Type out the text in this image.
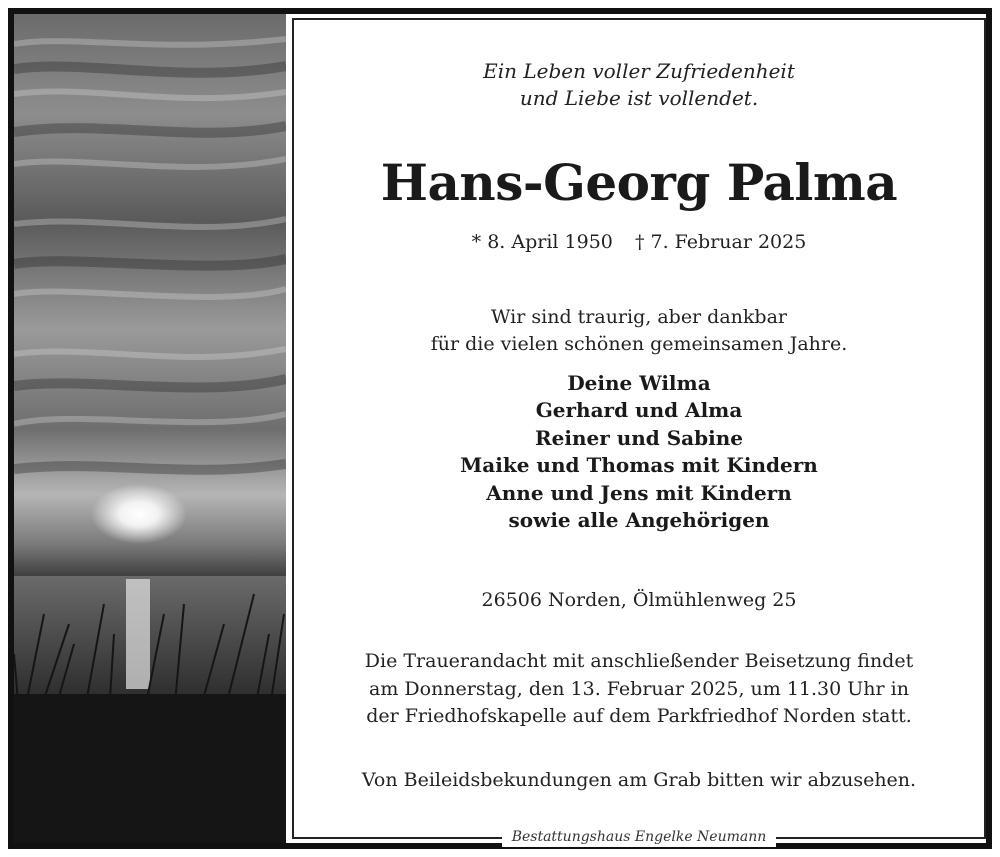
Ein Leben voller Zufriedenheit
und Liebe ist vollendet.
Hans-Georg Palma
* 8. April 1950 † 7. Februar 2025
Wir sind traurig, aber dankbar
für die vielen schönen gemeinsamen Jahre.
Deine Wilma
Gerhard und Alma
Reiner und Sabine
Maike und Thomas mit Kindern
Anne und Jens mit Kindern
sowie alle Angehörigen
26506 Norden, Ölmühlenweg 25
Die Trauerandacht mit anschließender Beisetzung findet
am Donnerstag, den 13. Februar 2025, um 11.30 Uhr in
der Friedhofskapelle auf dem Parkfriedhof Norden statt.
Von Beileidsbekundungen am Grab bitten wir abzusehen.
Bestattungshaus Engelke Neumann
